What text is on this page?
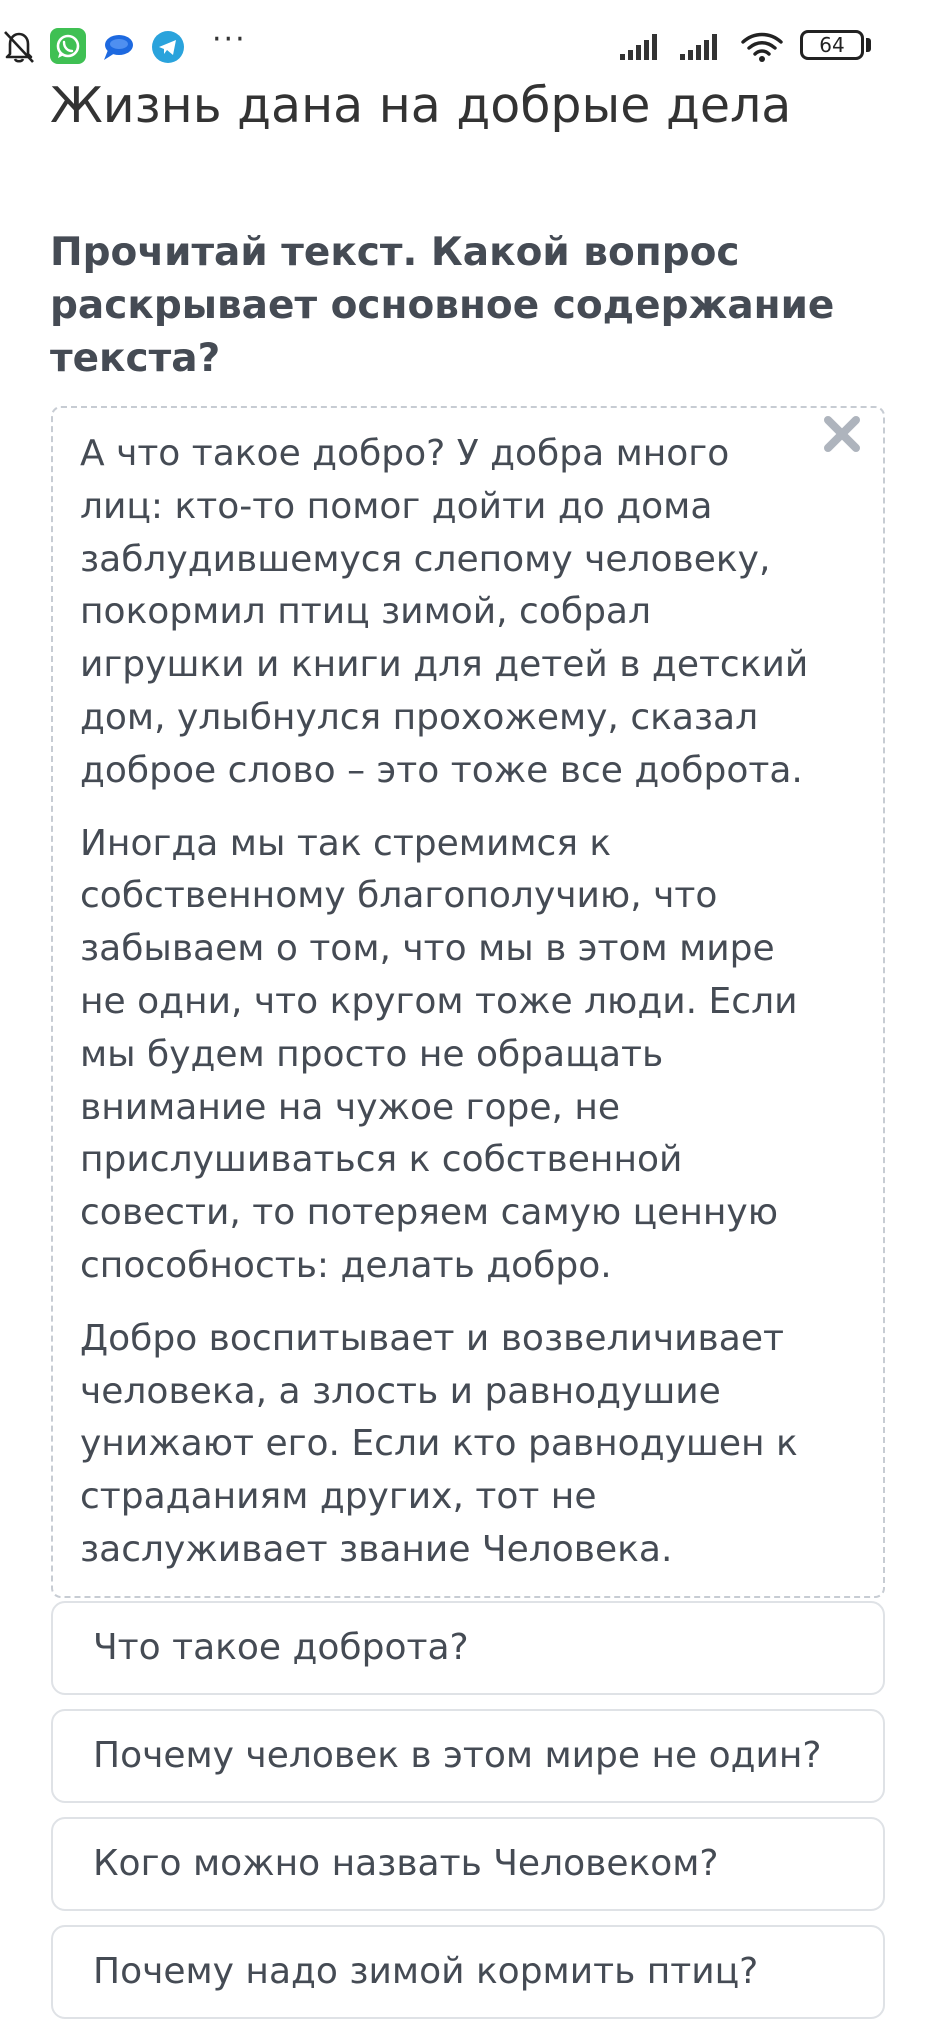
···	64
Жизнь дана на добрые дела
Прочитай текст. Какой вопрос раскрывает основное содержание текста?

А что такое добро? У добра много
лиц: кто-то помог дойти до дома
заблудившемуся слепому человеку,
покормил птиц зимой, собрал
игрушки и книги для детей в детский
дом, улыбнулся прохожему, сказал
доброе слово – это тоже все доброта.

Иногда мы так стремимся к
собственному благополучию, что
забываем о том, что мы в этом мире
не одни, что кругом тоже люди. Если
мы будем просто не обращать
внимание на чужое горе, не
прислушиваться к собственной
совести, то потеряем самую ценную
способность: делать добро.

Добро воспитывает и возвеличивает
человека, а злость и равнодушие
унижают его. Если кто равнодушен к
страданиям других, тот не
заслуживает звание Человека.

Что такое доброта?
Почему человек в этом мире не один?
Кого можно назвать Человеком?
Почему надо зимой кормить птиц?
